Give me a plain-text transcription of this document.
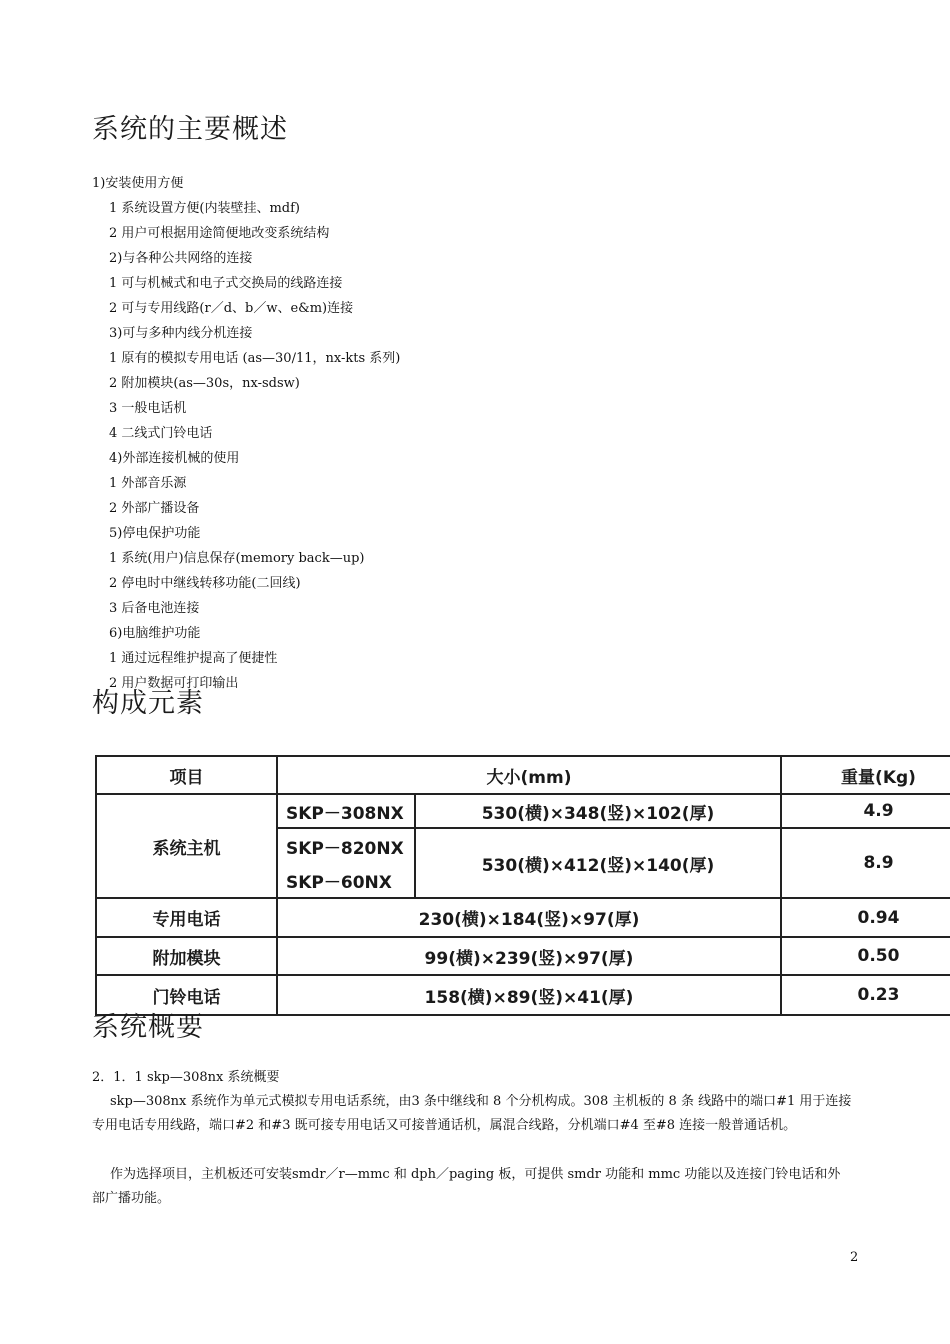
系统的主要概述
1)安装使用方便
1 系统设置方便(内装壁挂、mdf)
2 用户可根据用途简便地改变系统结构
2)与各种公共网络的连接
1 可与机械式和电子式交换局的线路连接
2 可与专用线路(r／d、b／w、e&m)连接
3)可与多种内线分机连接
1 原有的模拟专用电话 (as—30/11，nx-kts 系列)
2 附加模块(as—30s，nx-sdsw)
3 一般电话机
4 二线式门铃电话
4)外部连接机械的使用
1 外部音乐源
2 外部广播设备
5)停电保护功能
1 系统(用户)信息保存(memory back—up)
2 停电时中继线转移功能(二回线)
3 后备电池连接
6)电脑维护功能
1 通过远程维护提高了便捷性
2 用户数据可打印输出
构成元素
项目	大小(mm)		重量(Kg)
系统主机	SKP－308NX	530(横)×348(竖)×102(厚)	4.9
	SKP－820NX	530(横)×412(竖)×140(厚)	8.9
	SKP－60NX		
专用电话	230(横)×184(竖)×97(厚)		0.94
附加模块	99(横)×239(竖)×97(厚)		0.50
门铃电话	158(横)×89(竖)×41(厚)		0.23
系统概要

2．1．1 skp—308nx 系统概要

skp—308nx 系统作为单元式模拟专用电话系统，由3 条中继线和 8 个分机构成。308 主机板的 8 条 线路中的端口#1 用于连接专用电话专用线路，端口#2 和#3 既可接专用电话又可接普通话机，属混合线路，分机端口#4 至#8 连接一般普通话机。

作为选择项目，主机板还可安装smdr／r—mmc 和 dph／paging 板，可提供 smdr 功能和 mmc 功能以及连接门铃电话和外部广播功能。

2
